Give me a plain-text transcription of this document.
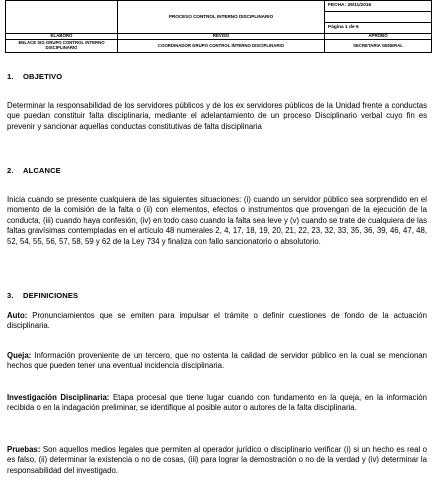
	PROCESO CONTROL INTERNO DISCIPLINARIO	FECHA: 29/11/2016

		Página 1 de 6
ELABORÓ	REVISÓ	APROBÓ
ENLACE SIG GRUPO CONTROL INTERNO DISCIPLINARIO	COORDINADOR GRUPO CONTROL INTERNO DISCIPLINARIO	SECRETARIA GENERAL
1. OBJETIVO
Determinar la responsabilidad de los servidores públicos y de los ex servidores públicos de la Unidad frente a conductas que puedan constituir falta disciplinaria, mediante el adelantamiento de un proceso Disciplinario verbal cuyo fin es prevenir y sancionar aquellas conductas constitutivas de falta disciplinaria
2. ALCANCE
Inicia cuando se presente cualquiera de las siguientes situaciones: (i) cuando un servidor público sea sorprendido en el momento de la comisión de la falta o (ii) con elementos, efectos o instrumentos que provengan de la ejecución de la conducta, (iii) cuando haya confesión, (iv) en todo caso cuando la falta sea leve y (v) cuando se trate de cualquiera de las faltas gravísimas contempladas en el artículo 48 numerales 2, 4, 17, 18, 19, 20, 21, 22, 23, 32, 33, 35, 36, 39, 46, 47, 48, 52, 54, 55, 56, 57, 58, 59 y 62 de la Ley 734 y finaliza con fallo sancionatorio o absolutorio.
3. DEFINICIONES
Auto: Pronunciamientos que se emiten para impulsar el trámite o definir cuestiones de fondo de la actuación disciplinaria.
Queja: Información proveniente de un tercero, que no ostenta la calidad de servidor público en la cual se mencionan hechos que pueden tener una eventual incidencia disciplinaria.
Investigación Disciplinaria: Etapa procesal que tiene lugar cuando con fundamento en la queja, en la información recibida o en la indagación preliminar, se identifique al posible autor o autores de la falta disciplinaria.
Pruebas: Son aquellos medios legales que permiten al operador jurídico o disciplinario verificar (i) si un hecho es real o es falso, (ii) determinar la existencia o no de cosas, (iii) para lograr la demostración o no de la verdad y (iv) determinar la responsabilidad del investigado.
